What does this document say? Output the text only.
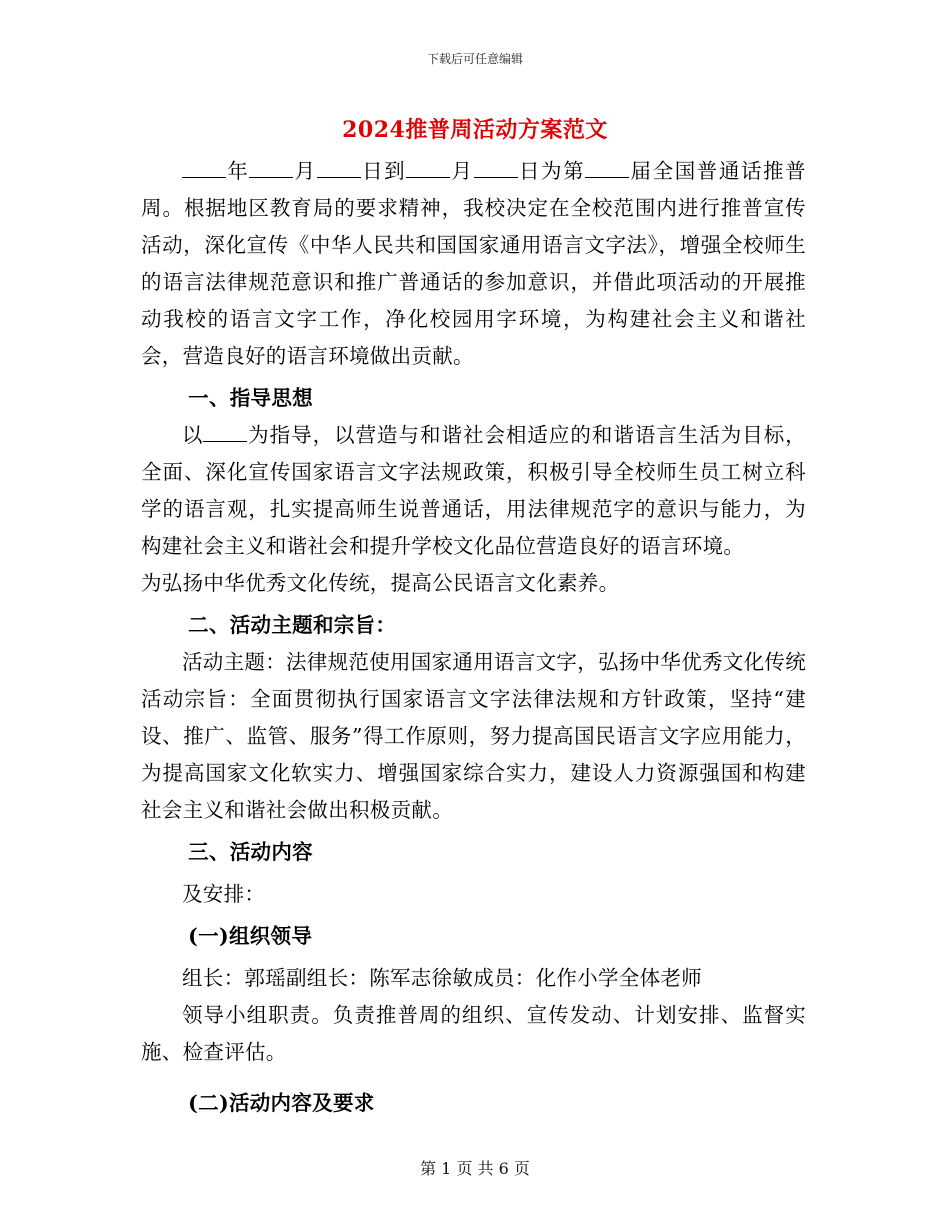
下载后可任意编辑
2024推普周活动方案范文

年 月 日到 月 日为第 届全国普通话推普周。根据地区教育局的要求精神，我校决定在全校范围内进行推普宣传活动，深化宣传《中华人民共和国国家通用语言文字法》，增强全校师生的语言法律规范意识和推广普通话的参加意识，并借此项活动的开展推动我校的语言文字工作，净化校园用字环境，为构建社会主义和谐社会，营造良好的语言环境做出贡献。

一、指导思想

以 为指导，以营造与和谐社会相适应的和谐语言生活为目标，全面、深化宣传国家语言文字法规政策，积极引导全校师生员工树立科学的语言观，扎实提高师生说普通话，用法律规范字的意识与能力，为构建社会主义和谐社会和提升学校文化品位营造良好的语言环境。

为弘扬中华优秀文化传统，提高公民语言文化素养。

二、活动主题和宗旨：

活动主题：法律规范使用国家通用语言文字，弘扬中华优秀文化传统活动宗旨：全面贯彻执行国家语言文字法律法规和方针政策，坚持“建设、推广、监管、服务”得工作原则，努力提高国民语言文字应用能力，为提高国家文化软实力、增强国家综合实力，建设人力资源强国和构建社会主义和谐社会做出积极贡献。

三、活动内容

及安排：

(一)组织领导

组长：郭瑶副组长：陈军志徐敏成员：化作小学全体老师

领导小组职责。负责推普周的组织、宣传发动、计划安排、监督实施、检查评估。

(二)活动内容及要求
第 1 页 共 6 页
